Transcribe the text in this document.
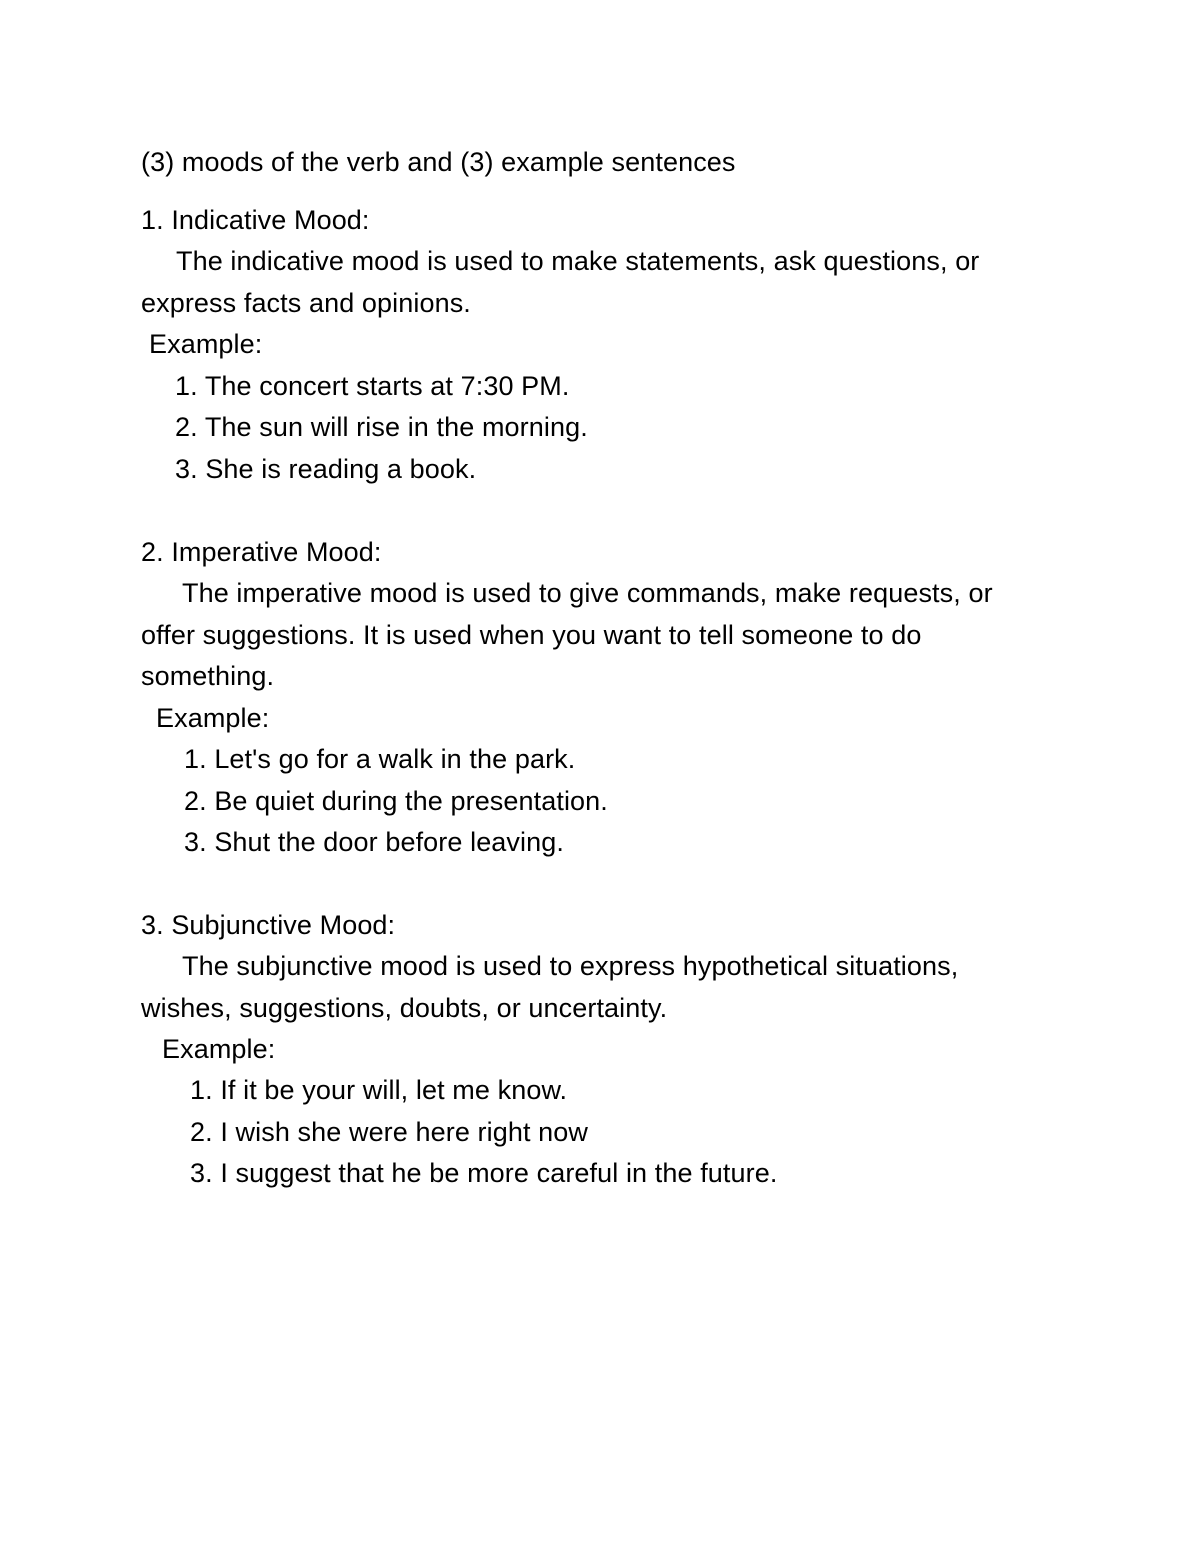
(3) moods of the verb and (3) example sentences
1. Indicative Mood:
The indicative mood is used to make statements, ask questions, or
express facts and opinions.
Example:
1. The concert starts at 7:30 PM.
2. The sun will rise in the morning.
3. She is reading a book.
2. Imperative Mood:
The imperative mood is used to give commands, make requests, or
offer suggestions. It is used when you want to tell someone to do
something.
Example:
1. Let's go for a walk in the park.
2. Be quiet during the presentation.
3. Shut the door before leaving.
3. Subjunctive Mood:
The subjunctive mood is used to express hypothetical situations,
wishes, suggestions, doubts, or uncertainty.
Example:
1. If it be your will, let me know.
2. I wish she were here right now
3. I suggest that he be more careful in the future.
